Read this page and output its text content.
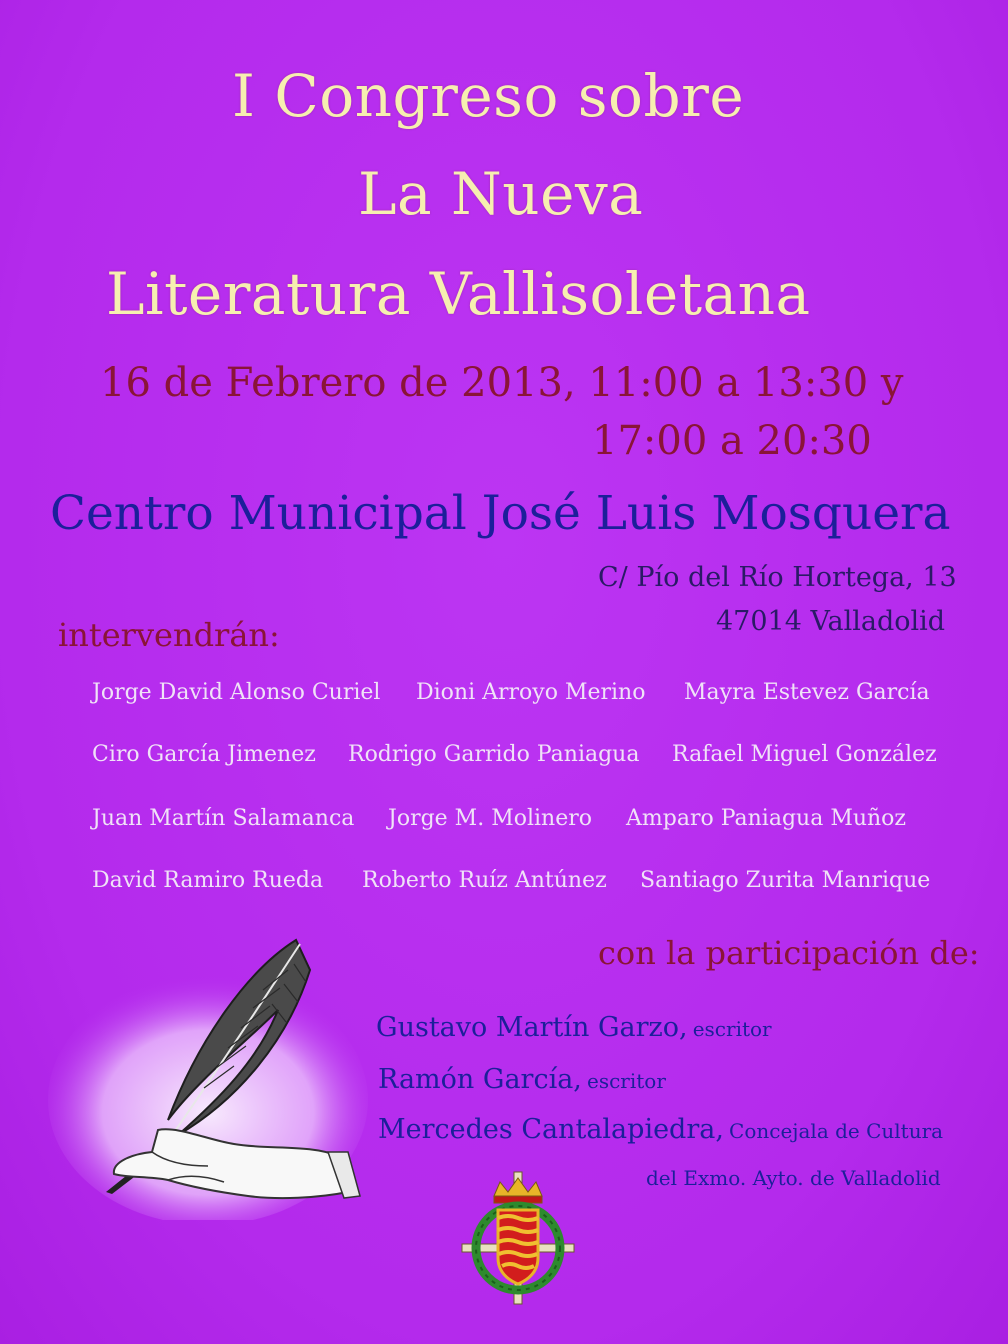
I Congreso sobre
La Nueva
Literatura Vallisoletana
16 de Febrero de 2013, 11:00 a 13:30 y
17:00 a 20:30
Centro Municipal José Luis Mosquera
C/ Pío del Río Hortega, 13
47014 Valladolid
intervendrán:
Jorge David Alonso Curiel Dioni Arroyo Merino Mayra Estevez García
Ciro García Jimenez Rodrigo Garrido Paniagua Rafael Miguel González
Juan Martín Salamanca Jorge M. Molinero Amparo Paniagua Muñoz
David Ramiro Rueda Roberto Ruíz Antúnez Santiago Zurita Manrique
con la participación de:
Gustavo Martín Garzo, escritor
Ramón García, escritor
Mercedes Cantalapiedra, Concejala de Cultura
del Exmo. Ayto. de Valladolid
